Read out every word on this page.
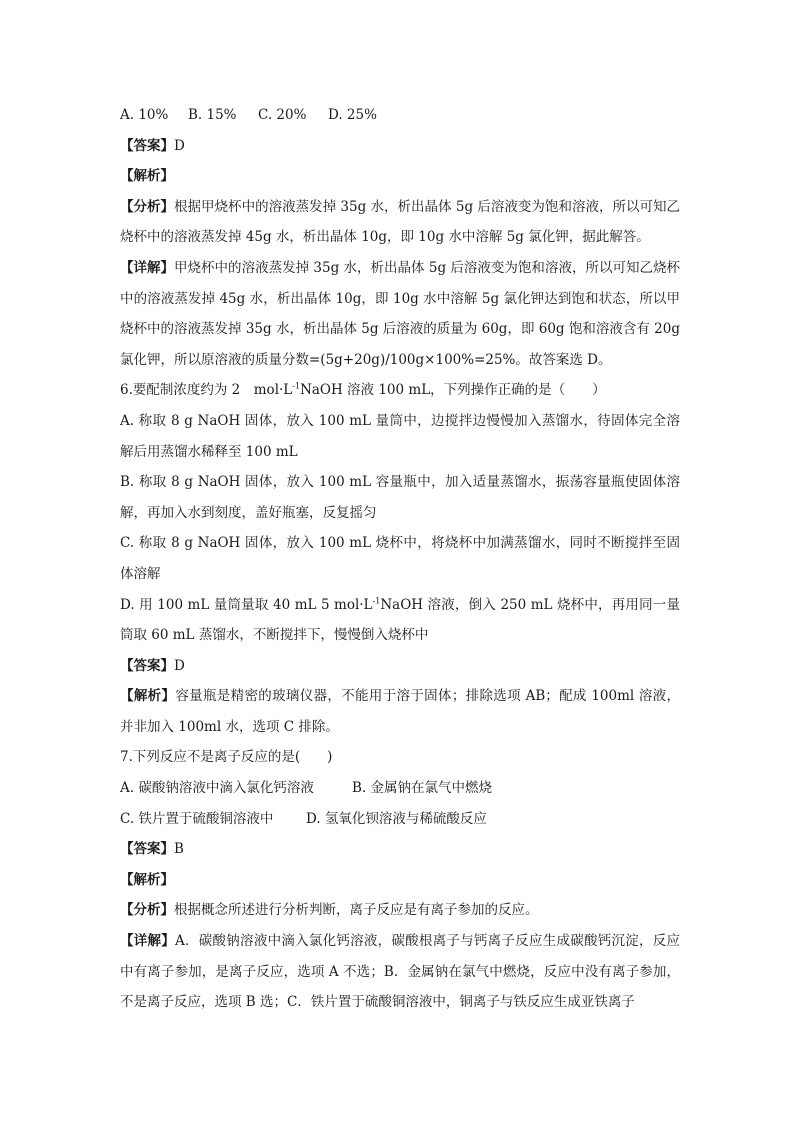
A. 10% B. 15% C. 20% D. 25%
【答案】D
【解析】
【分析】根据甲烧杯中的溶液蒸发掉 35g 水，析出晶体 5g 后溶液变为饱和溶液，所以可知乙烧杯中的溶液蒸发掉 45g 水，析出晶体 10g，即 10g 水中溶解 5g 氯化钾，据此解答。
【详解】甲烧杯中的溶液蒸发掉 35g 水，析出晶体 5g 后溶液变为饱和溶液，所以可知乙烧杯中的溶液蒸发掉 45g 水，析出晶体 10g，即 10g 水中溶解 5g 氯化钾达到饱和状态，所以甲烧杯中的溶液蒸发掉 35g 水，析出晶体 5g 后溶液的质量为 60g，即 60g 饱和溶液含有 20g 氯化钾，所以原溶液的质量分数=(5g+20g)/100g×100%=25%。故答案选 D。
6.要配制浓度约为 2　$mol\cdot L^{-1}NaOH$ 溶液 100 mL，下列操作正确的是（　　）
A. 称取 8 g NaOH 固体，放入 100 mL 量筒中，边搅拌边慢慢加入蒸馏水，待固体完全溶解后用蒸馏水稀释至 100 mL
B. 称取 8 g NaOH 固体，放入 100 mL 容量瓶中，加入适量蒸馏水，振荡容量瓶使固体溶解，再加入水到刻度，盖好瓶塞，反复摇匀
C. 称取 8 g NaOH 固体，放入 100 mL 烧杯中，将烧杯中加满蒸馏水，同时不断搅拌至固体溶解
D. 用 100 mL 量筒量取 40 mL 5 $mol\cdot L^{-1}NaOH$ 溶液，倒入 250 mL 烧杯中，再用同一量筒取 60 mL 蒸馏水，不断搅拌下，慢慢倒入烧杯中
【答案】D
【解析】容量瓶是精密的玻璃仪器，不能用于溶于固体；排除选项 AB；配成 100ml 溶液，并非加入 100ml 水，选项 C 排除。
7.下列反应不是离子反应的是(　　)
A. 碳酸钠溶液中滴入氯化钙溶液	B. 金属钠在氯气中燃烧
C. 铁片置于硫酸铜溶液中 D. 氢氧化钡溶液与稀硫酸反应
【答案】B
【解析】
【分析】根据概念所述进行分析判断，离子反应是有离子参加的反应。
【详解】A．碳酸钠溶液中滴入氯化钙溶液，碳酸根离子与钙离子反应生成碳酸钙沉淀，反应中有离子参加，是离子反应，选项 A 不选；B．金属钠在氯气中燃烧，反应中没有离子参加，不是离子反应，选项 B 选；C．铁片置于硫酸铜溶液中，铜离子与铁反应生成亚铁离子
